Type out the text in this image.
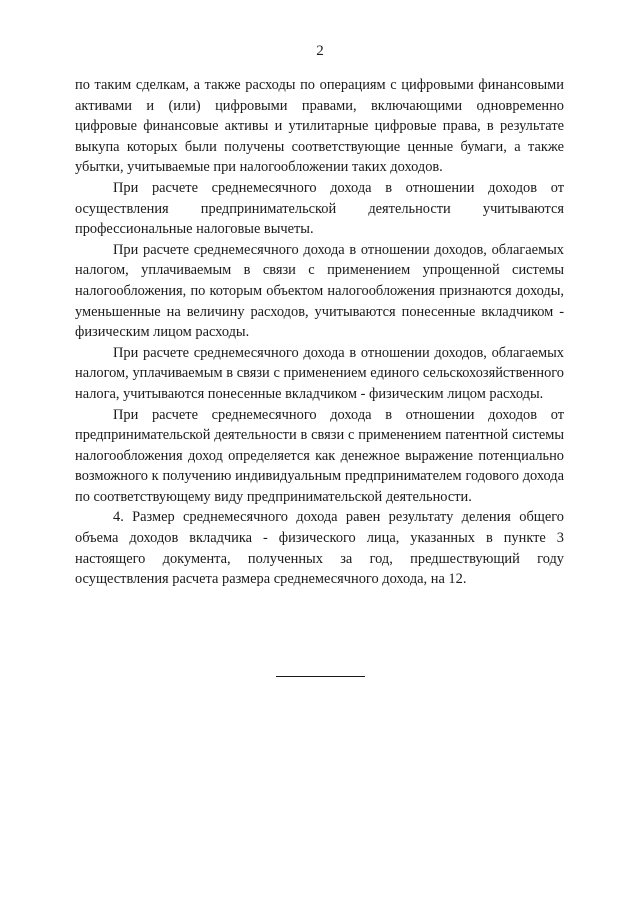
2

по таким сделкам, а также расходы по операциям с цифровыми финансовыми активами и (или) цифровыми правами, включающими одновременно цифровые финансовые активы и утилитарные цифровые права, в результате выкупа которых были получены соответствующие ценные бумаги, а также убытки, учитываемые при налогообложении таких доходов.

При расчете среднемесячного дохода в отношении доходов от осуществления предпринимательской деятельности учитываются профессиональные налоговые вычеты.

При расчете среднемесячного дохода в отношении доходов, облагаемых налогом, уплачиваемым в связи с применением упрощенной системы налогообложения, по которым объектом налогообложения признаются доходы, уменьшенные на величину расходов, учитываются понесенные вкладчиком - физическим лицом расходы.

При расчете среднемесячного дохода в отношении доходов, облагаемых налогом, уплачиваемым в связи с применением единого сельскохозяйственного налога, учитываются понесенные вкладчиком - физическим лицом расходы.

При расчете среднемесячного дохода в отношении доходов от предпринимательской деятельности в связи с применением патентной системы налогообложения доход определяется как денежное выражение потенциально возможного к получению индивидуальным предпринимателем годового дохода по соответствующему виду предпринимательской деятельности.

4. Размер среднемесячного дохода равен результату деления общего объема доходов вкладчика - физического лица, указанных в пункте 3 настоящего документа, полученных за год, предшествующий году осуществления расчета размера среднемесячного дохода, на 12.
